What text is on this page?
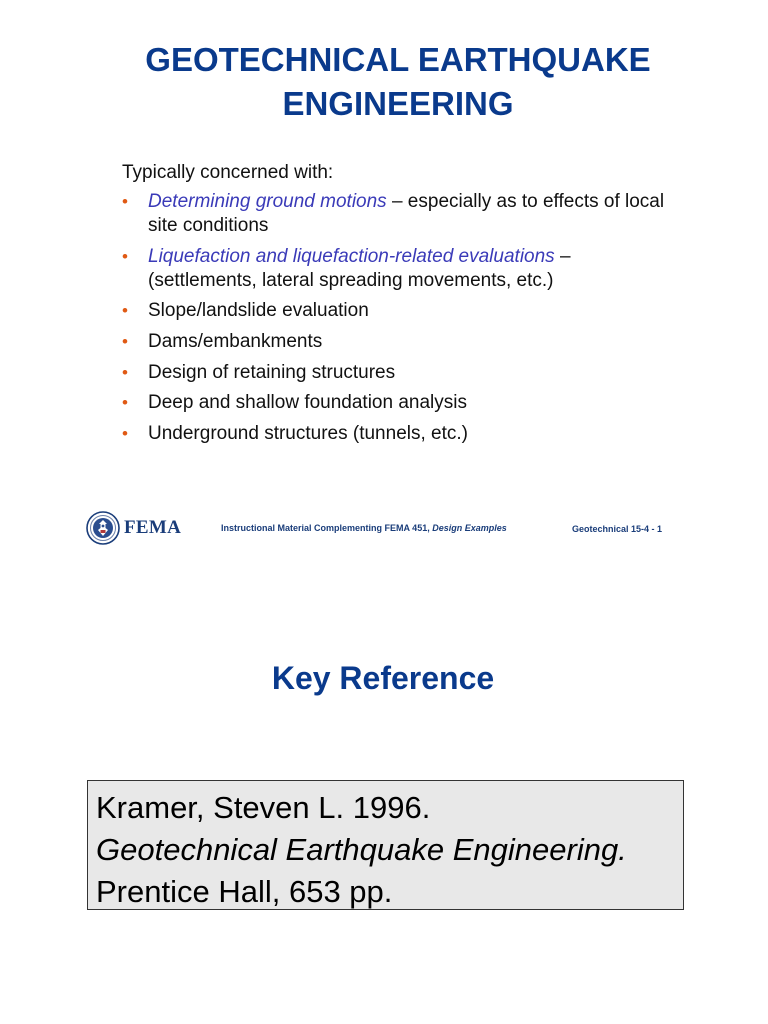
GEOTECHNICAL EARTHQUAKE
ENGINEERING
Typically concerned with:
• Determining ground motions – especially as to effects of local site conditions
• Liquefaction and liquefaction-related evaluations – (settlements, lateral spreading movements, etc.)
• Slope/landslide evaluation
• Dams/embankments
• Design of retaining structures
• Deep and shallow foundation analysis
• Underground structures (tunnels, etc.)
FEMA	Instructional Material Complementing FEMA 451, Design Examples	Geotechnical 15-4 - 1
Key Reference
Kramer, Steven L. 1996.
Geotechnical Earthquake Engineering. Prentice Hall, 653 pp.
